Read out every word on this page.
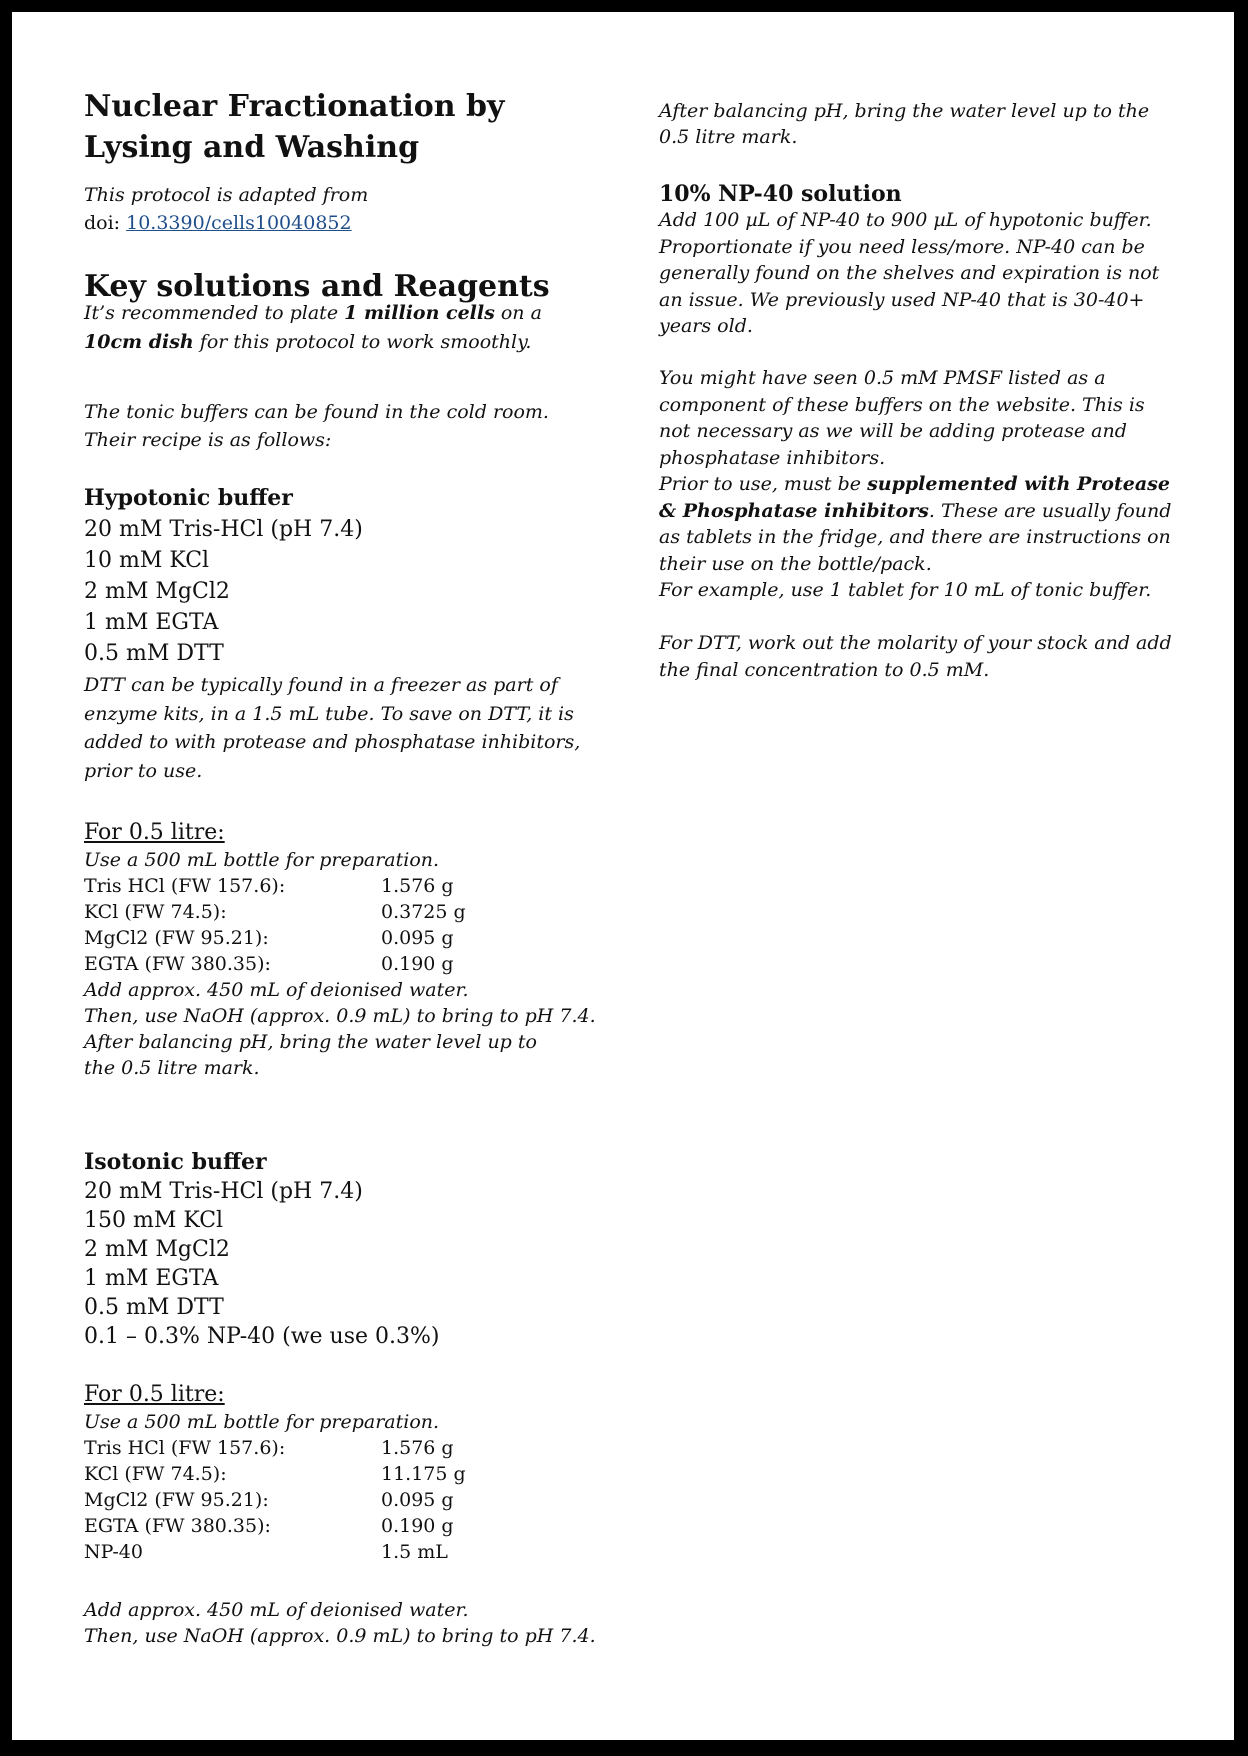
Nuclear Fractionation by Lysing and Washing

This protocol is adapted from

doi: 10.3390/cells10040852

Key solutions and Reagents

It’s recommended to plate 1 million cells on a 10cm dish for this protocol to work smoothly.

The tonic buffers can be found in the cold room. Their recipe is as follows:

Hypotonic buffer

20 mM Tris-HCl (pH 7.4)

10 mM KCl

2 mM MgCl2

1 mM EGTA

0.5 mM DTT

DTT can be typically found in a freezer as part of enzyme kits, in a 1.5 mL tube. To save on DTT, it is added to with protease and phosphatase inhibitors, prior to use.

For 0.5 litre:

Use a 500 mL bottle for preparation.

Tris HCl (FW 157.6):	1.576 g
KCl (FW 74.5):	0.3725 g
MgCl2 (FW 95.21):	0.095 g
EGTA (FW 380.35):	0.190 g

Add approx. 450 mL of deionised water.

Then, use NaOH (approx. 0.9 mL) to bring to pH 7.4.

After balancing pH, bring the water level up to the 0.5 litre mark.

Isotonic buffer

20 mM Tris-HCl (pH 7.4)

150 mM KCl

2 mM MgCl2

1 mM EGTA

0.5 mM DTT

0.1 – 0.3% NP-40 (we use 0.3%)

For 0.5 litre:

Use a 500 mL bottle for preparation.

Tris HCl (FW 157.6):	1.576 g
KCl (FW 74.5):	11.175 g
MgCl2 (FW 95.21):	0.095 g
EGTA (FW 380.35):	0.190 g
NP-40	1.5 mL

Add approx. 450 mL of deionised water.

Then, use NaOH (approx. 0.9 mL) to bring to pH 7.4.

After balancing pH, bring the water level up to the 0.5 litre mark.

10% NP-40 solution

Add 100 µL of NP-40 to 900 µL of hypotonic buffer. Proportionate if you need less/more. NP-40 can be generally found on the shelves and expiration is not an issue. We previously used NP-40 that is 30-40+ years old.

You might have seen 0.5 mM PMSF listed as a component of these buffers on the website. This is not necessary as we will be adding protease and phosphatase inhibitors.

Prior to use, must be supplemented with Protease & Phosphatase inhibitors. These are usually found as tablets in the fridge, and there are instructions on their use on the bottle/pack.

For example, use 1 tablet for 10 mL of tonic buffer.

For DTT, work out the molarity of your stock and add the final concentration to 0.5 mM.
